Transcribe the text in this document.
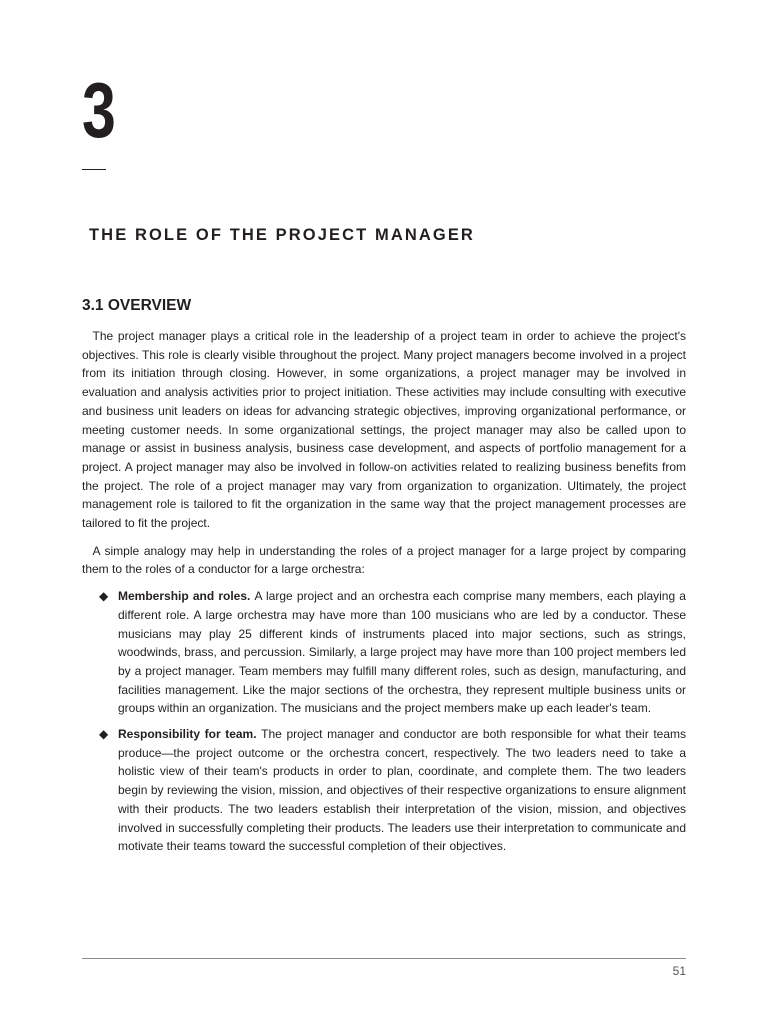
3
THE ROLE OF THE PROJECT MANAGER
3.1 OVERVIEW

The project manager plays a critical role in the leadership of a project team in order to achieve the project's objectives. This role is clearly visible throughout the project. Many project managers become involved in a project from its initiation through closing. However, in some organizations, a project manager may be involved in evaluation and analysis activities prior to project initiation. These activities may include consulting with executive and business unit leaders on ideas for advancing strategic objectives, improving organizational performance, or meeting customer needs. In some organizational settings, the project manager may also be called upon to manage or assist in business analysis, business case development, and aspects of portfolio management for a project. A project manager may also be involved in follow-on activities related to realizing business benefits from the project. The role of a project manager may vary from organization to organization. Ultimately, the project management role is tailored to fit the organization in the same way that the project management processes are tailored to fit the project.

A simple analogy may help in understanding the roles of a project manager for a large project by comparing them to the roles of a conductor for a large orchestra:

◆ Membership and roles. A large project and an orchestra each comprise many members, each playing a different role. A large orchestra may have more than 100 musicians who are led by a conductor. These musicians may play 25 different kinds of instruments placed into major sections, such as strings, woodwinds, brass, and percussion. Similarly, a large project may have more than 100 project members led by a project manager. Team members may fulfill many different roles, such as design, manufacturing, and facilities management. Like the major sections of the orchestra, they represent multiple business units or groups within an organization. The musicians and the project members make up each leader's team.
◆ Responsibility for team. The project manager and conductor are both responsible for what their teams produce—the project outcome or the orchestra concert, respectively. The two leaders need to take a holistic view of their team's products in order to plan, coordinate, and complete them. The two leaders begin by reviewing the vision, mission, and objectives of their respective organizations to ensure alignment with their products. The two leaders establish their interpretation of the vision, mission, and objectives involved in successfully completing their products. The leaders use their interpretation to communicate and motivate their teams toward the successful completion of their objectives.
51
